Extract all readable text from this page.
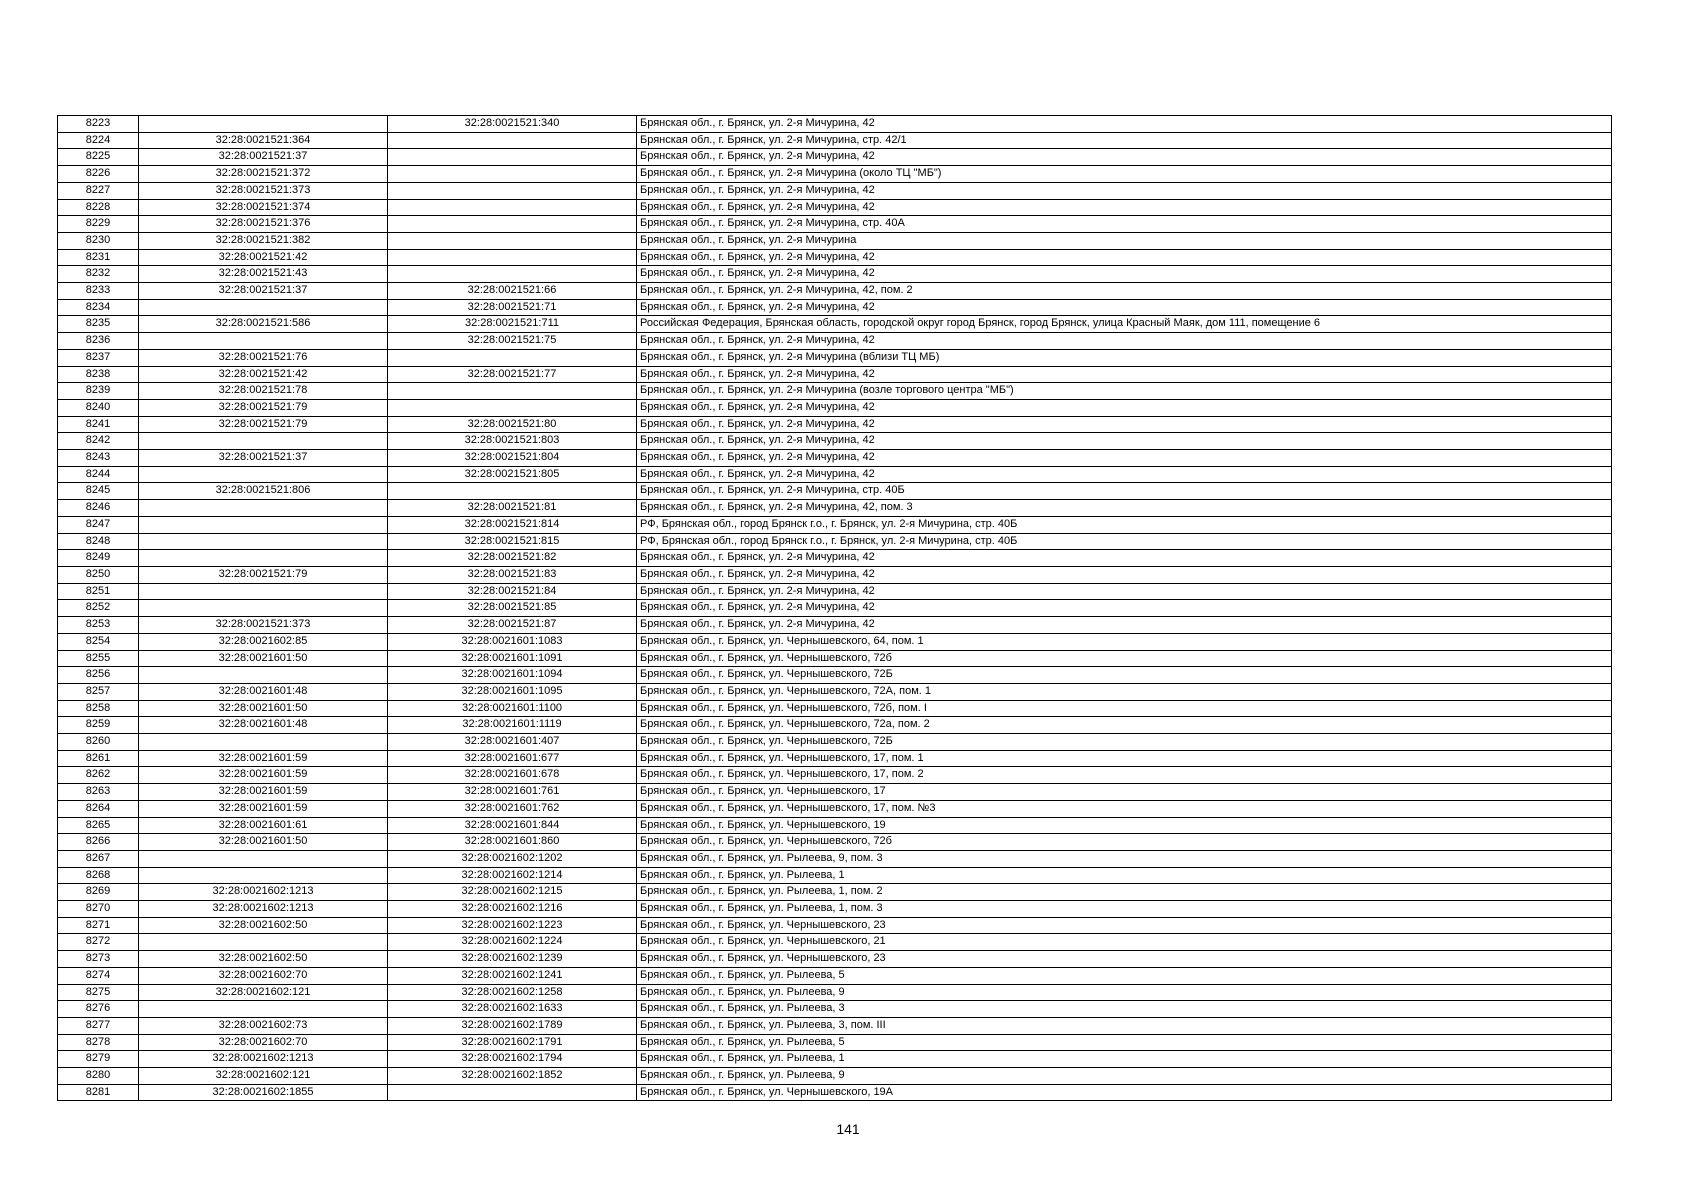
8223		32:28:0021521:340	Брянская обл., г. Брянск, ул. 2-я Мичурина, 42
8224	32:28:0021521:364		Брянская обл., г. Брянск, ул. 2-я Мичурина, стр. 42/1
8225	32:28:0021521:37		Брянская обл., г. Брянск, ул. 2-я Мичурина, 42
8226	32:28:0021521:372		Брянская обл., г. Брянск, ул. 2-я Мичурина (около ТЦ "МБ")
8227	32:28:0021521:373		Брянская обл., г. Брянск, ул. 2-я Мичурина, 42
8228	32:28:0021521:374		Брянская обл., г. Брянск, ул. 2-я Мичурина, 42
8229	32:28:0021521:376		Брянская обл., г. Брянск, ул. 2-я Мичурина, стр. 40А
8230	32:28:0021521:382		Брянская обл., г. Брянск, ул. 2-я Мичурина
8231	32:28:0021521:42		Брянская обл., г. Брянск, ул. 2-я Мичурина, 42
8232	32:28:0021521:43		Брянская обл., г. Брянск, ул. 2-я Мичурина, 42
8233	32:28:0021521:37	32:28:0021521:66	Брянская обл., г. Брянск, ул. 2-я Мичурина, 42, пом. 2
8234		32:28:0021521:71	Брянская обл., г. Брянск, ул. 2-я Мичурина, 42
8235	32:28:0021521:586	32:28:0021521:711	Российская Федерация, Брянская область, городской округ город Брянск, город Брянск, улица Красный Маяк, дом 111, помещение 6
8236		32:28:0021521:75	Брянская обл., г. Брянск, ул. 2-я Мичурина, 42
8237	32:28:0021521:76		Брянская обл., г. Брянск, ул. 2-я Мичурина (вблизи ТЦ МБ)
8238	32:28:0021521:42	32:28:0021521:77	Брянская обл., г. Брянск, ул. 2-я Мичурина, 42
8239	32:28:0021521:78		Брянская обл., г. Брянск, ул. 2-я Мичурина (возле торгового центра "МБ")
8240	32:28:0021521:79		Брянская обл., г. Брянск, ул. 2-я Мичурина, 42
8241	32:28:0021521:79	32:28:0021521:80	Брянская обл., г. Брянск, ул. 2-я Мичурина, 42
8242		32:28:0021521:803	Брянская обл., г. Брянск, ул. 2-я Мичурина, 42
8243	32:28:0021521:37	32:28:0021521:804	Брянская обл., г. Брянск, ул. 2-я Мичурина, 42
8244		32:28:0021521:805	Брянская обл., г. Брянск, ул. 2-я Мичурина, 42
8245	32:28:0021521:806		Брянская обл., г. Брянск, ул. 2-я Мичурина, стр. 40Б
8246		32:28:0021521:81	Брянская обл., г. Брянск, ул. 2-я Мичурина, 42, пом. 3
8247		32:28:0021521:814	РФ, Брянская обл., город Брянск г.о., г. Брянск, ул. 2-я Мичурина, стр. 40Б
8248		32:28:0021521:815	РФ, Брянская обл., город Брянск г.о., г. Брянск, ул. 2-я Мичурина, стр. 40Б
8249		32:28:0021521:82	Брянская обл., г. Брянск, ул. 2-я Мичурина, 42
8250	32:28:0021521:79	32:28:0021521:83	Брянская обл., г. Брянск, ул. 2-я Мичурина, 42
8251		32:28:0021521:84	Брянская обл., г. Брянск, ул. 2-я Мичурина, 42
8252		32:28:0021521:85	Брянская обл., г. Брянск, ул. 2-я Мичурина, 42
8253	32:28:0021521:373	32:28:0021521:87	Брянская обл., г. Брянск, ул. 2-я Мичурина, 42
8254	32:28:0021602:85	32:28:0021601:1083	Брянская обл., г. Брянск, ул. Чернышевского, 64, пом. 1
8255	32:28:0021601:50	32:28:0021601:1091	Брянская обл., г. Брянск, ул. Чернышевского, 72б
8256		32:28:0021601:1094	Брянская обл., г. Брянск, ул. Чернышевского, 72Б
8257	32:28:0021601:48	32:28:0021601:1095	Брянская обл., г. Брянск, ул. Чернышевского, 72А, пом. 1
8258	32:28:0021601:50	32:28:0021601:1100	Брянская обл., г. Брянск, ул. Чернышевского, 72б, пом. I
8259	32:28:0021601:48	32:28:0021601:1119	Брянская обл., г. Брянск, ул. Чернышевского, 72а, пом. 2
8260		32:28:0021601:407	Брянская обл., г. Брянск, ул. Чернышевского, 72Б
8261	32:28:0021601:59	32:28:0021601:677	Брянская обл., г. Брянск, ул. Чернышевского, 17, пом. 1
8262	32:28:0021601:59	32:28:0021601:678	Брянская обл., г. Брянск, ул. Чернышевского, 17, пом. 2
8263	32:28:0021601:59	32:28:0021601:761	Брянская обл., г. Брянск, ул. Чернышевского, 17
8264	32:28:0021601:59	32:28:0021601:762	Брянская обл., г. Брянск, ул. Чернышевского, 17, пом. №3
8265	32:28:0021601:61	32:28:0021601:844	Брянская обл., г. Брянск, ул. Чернышевского, 19
8266	32:28:0021601:50	32:28:0021601:860	Брянская обл., г. Брянск, ул. Чернышевского, 72б
8267		32:28:0021602:1202	Брянская обл., г. Брянск, ул. Рылеева, 9, пом. 3
8268		32:28:0021602:1214	Брянская обл., г. Брянск, ул. Рылеева, 1
8269	32:28:0021602:1213	32:28:0021602:1215	Брянская обл., г. Брянск, ул. Рылеева, 1, пом. 2
8270	32:28:0021602:1213	32:28:0021602:1216	Брянская обл., г. Брянск, ул. Рылеева, 1, пом. 3
8271	32:28:0021602:50	32:28:0021602:1223	Брянская обл., г. Брянск, ул. Чернышевского, 23
8272		32:28:0021602:1224	Брянская обл., г. Брянск, ул. Чернышевского, 21
8273	32:28:0021602:50	32:28:0021602:1239	Брянская обл., г. Брянск, ул. Чернышевского, 23
8274	32:28:0021602:70	32:28:0021602:1241	Брянская обл., г. Брянск, ул. Рылеева, 5
8275	32:28:0021602:121	32:28:0021602:1258	Брянская обл., г. Брянск, ул. Рылеева, 9
8276		32:28:0021602:1633	Брянская обл., г. Брянск, ул. Рылеева, 3
8277	32:28:0021602:73	32:28:0021602:1789	Брянская обл., г. Брянск, ул. Рылеева, 3, пом. III
8278	32:28:0021602:70	32:28:0021602:1791	Брянская обл., г. Брянск, ул. Рылеева, 5
8279	32:28:0021602:1213	32:28:0021602:1794	Брянская обл., г. Брянск, ул. Рылеева, 1
8280	32:28:0021602:121	32:28:0021602:1852	Брянская обл., г. Брянск, ул. Рылеева, 9
8281	32:28:0021602:1855		Брянская обл., г. Брянск, ул. Чернышевского, 19А
141
